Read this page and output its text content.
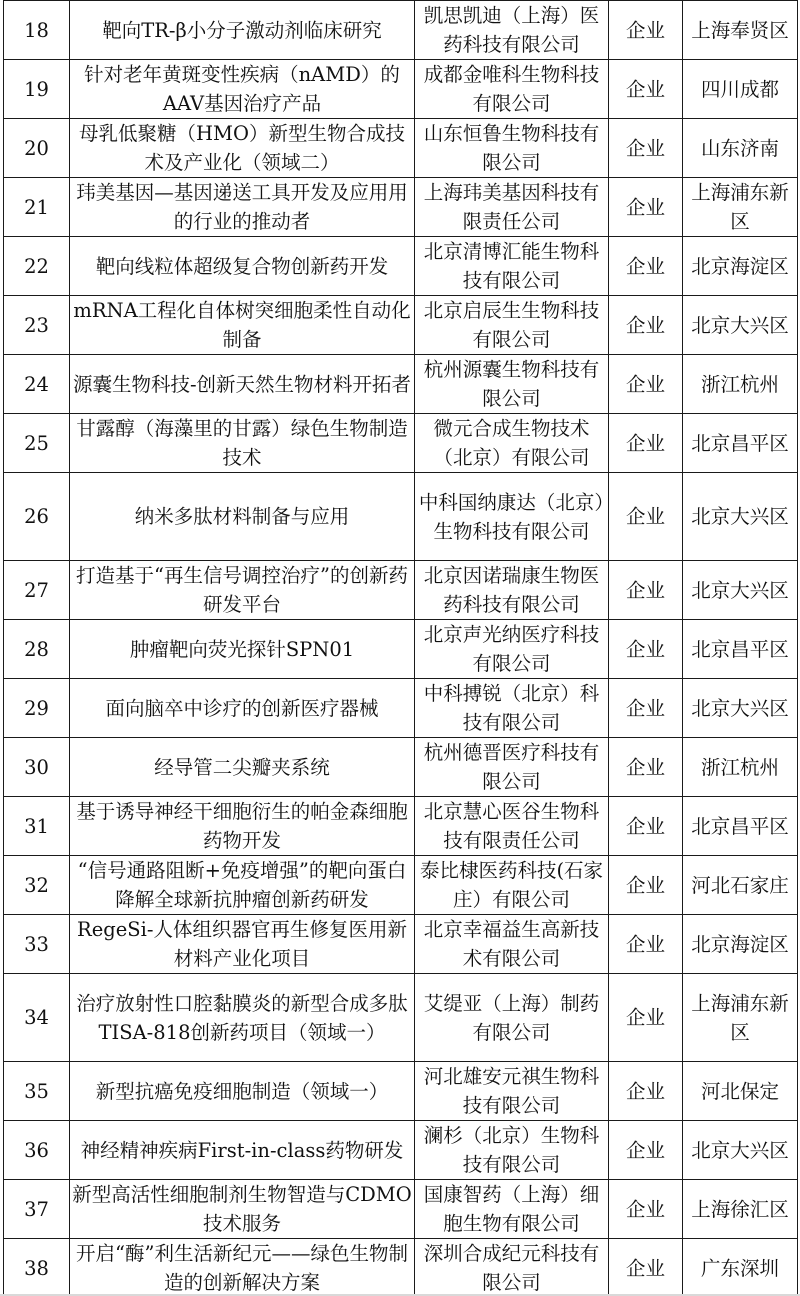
18	靶向TR-β小分子激动剂临床研究	凯思凯迪（上海）医药科技有限公司	企业	上海奉贤区
19	针对老年黄斑变性疾病（nAMD）的AAV基因治疗产品	成都金唯科生物科技有限公司	企业	四川成都
20	母乳低聚糖（HMO）新型生物合成技术及产业化（领域二）	山东恒鲁生物科技有限公司	企业	山东济南
21	玮美基因—基因递送工具开发及应用用的行业的推动者	上海玮美基因科技有限责任公司	企业	上海浦东新区
22	靶向线粒体超级复合物创新药开发	北京清博汇能生物科技有限公司	企业	北京海淀区
23	mRNA工程化自体树突细胞柔性自动化制备	北京启辰生生物科技有限公司	企业	北京大兴区
24	源囊生物科技-创新天然生物材料开拓者	杭州源囊生物科技有限公司	企业	浙江杭州
25	甘露醇（海藻里的甘露）绿色生物制造技术	微元合成生物技术（北京）有限公司	企业	北京昌平区
26	纳米多肽材料制备与应用	中科国纳康达（北京）生物科技有限公司	企业	北京大兴区
27	打造基于“再生信号调控治疗”的创新药研发平台	北京因诺瑞康生物医药科技有限公司	企业	北京大兴区
28	肿瘤靶向荧光探针SPN01	北京声光纳医疗科技有限公司	企业	北京昌平区
29	面向脑卒中诊疗的创新医疗器械	中科搏锐（北京）科技有限公司	企业	北京大兴区
30	经导管二尖瓣夹系统	杭州德晋医疗科技有限公司	企业	浙江杭州
31	基于诱导神经干细胞衍生的帕金森细胞药物开发	北京慧心医谷生物科技有限责任公司	企业	北京昌平区
32	“信号通路阻断+免疫增强”的靶向蛋白降解全球新抗肿瘤创新药研发	泰比棣医药科技(石家庄）有限公司	企业	河北石家庄
33	RegeSi-人体组织器官再生修复医用新材料产业化项目	北京幸福益生高新技术有限公司	企业	北京海淀区
34	治疗放射性口腔黏膜炎的新型合成多肽TISA-818创新药项目（领域一）	艾缇亚（上海）制药有限公司	企业	上海浦东新区
35	新型抗癌免疫细胞制造（领域一）	河北雄安元祺生物科技有限公司	企业	河北保定
36	神经精神疾病First-in-class药物研发	澜杉（北京）生物科技有限公司	企业	北京大兴区
37	新型高活性细胞制剂生物智造与CDMO技术服务	国康智药（上海）细胞生物有限公司	企业	上海徐汇区
38	开启“酶”利生活新纪元——绿色生物制造的创新解决方案	深圳合成纪元科技有限公司	企业	广东深圳
